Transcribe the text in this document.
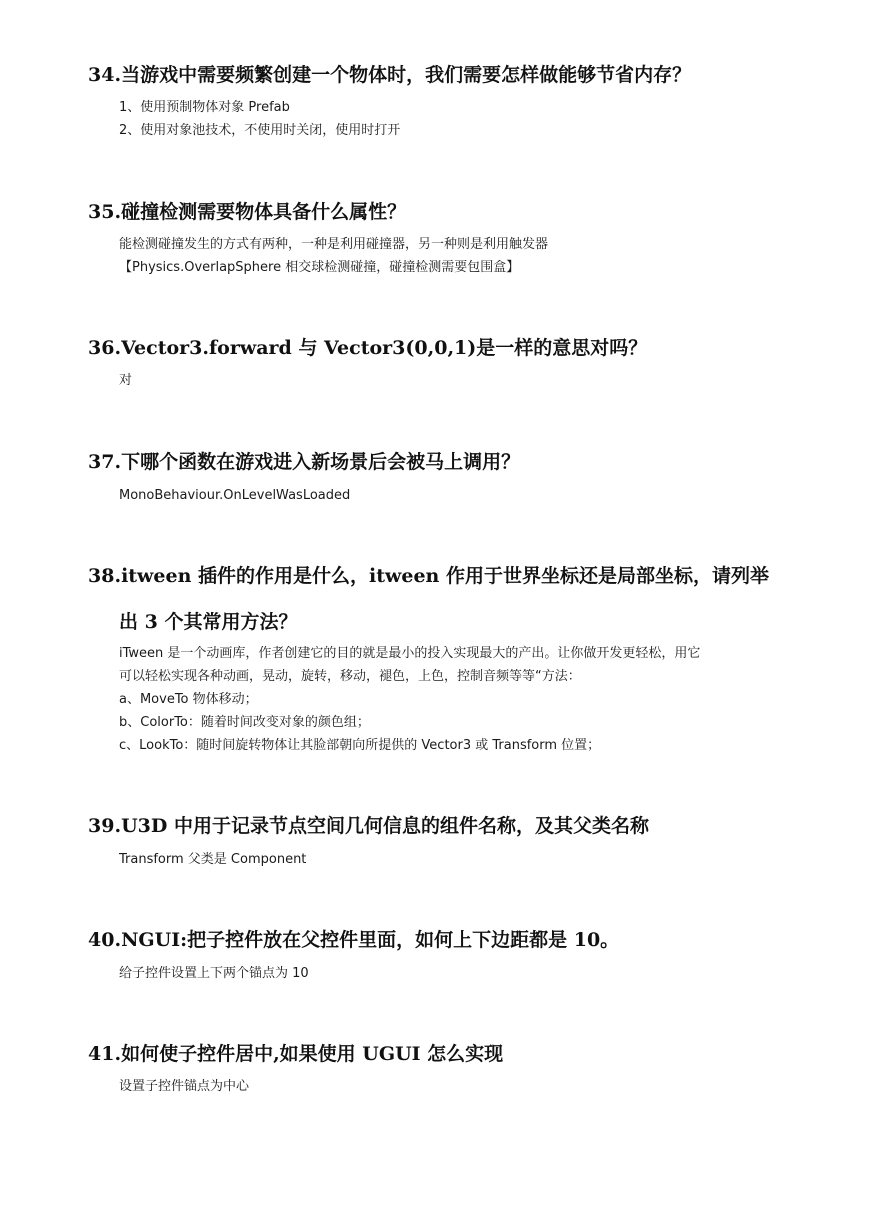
34.当游戏中需要频繁创建一个物体时，我们需要怎样做能够节省内存？

1、使用预制物体对象 Prefab

2、使用对象池技术，不使用时关闭，使用时打开

35.碰撞检测需要物体具备什么属性？

能检测碰撞发生的方式有两种，一种是利用碰撞器，另一种则是利用触发器

【Physics.OverlapSphere 相交球检测碰撞，碰撞检测需要包围盒】

36.Vector3.forward 与 Vector3(0,0,1)是一样的意思对吗？

对

37.下哪个函数在游戏进入新场景后会被马上调用？

MonoBehaviour.OnLevelWasLoaded

38.itween 插件的作用是什么，itween 作用于世界坐标还是局部坐标，请列举
出 3 个其常用方法？

iTween 是一个动画库，作者创建它的目的就是最小的投入实现最大的产出。让你做开发更轻松，用它

可以轻松实现各种动画，晃动，旋转，移动，褪色，上色，控制音频等等“方法：

a、MoveTo 物体移动；

b、ColorTo：随着时间改变对象的颜色组；

c、LookTo：随时间旋转物体让其脸部朝向所提供的 Vector3 或 Transform 位置；

39.U3D 中用于记录节点空间几何信息的组件名称，及其父类名称

Transform 父类是 Component

40.NGUI:把子控件放在父控件里面，如何上下边距都是 10。

给子控件设置上下两个锚点为 10

41.如何使子控件居中,如果使用 UGUI 怎么实现

设置子控件锚点为中心
